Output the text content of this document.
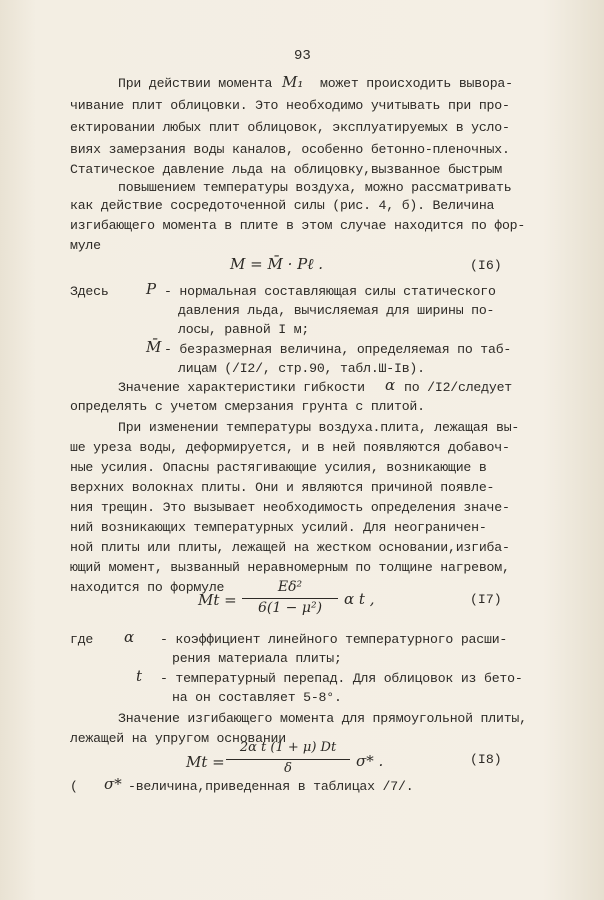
93
При действии момента M₁ может происходить выворa-
чивание плит облицовки. Это необходимо учитывать при про-
ектировании любых плит облицовок, эксплуатируемых в усло-
виях замерзания воды каналов, особенно бетонно-пленочных.
Статическое давление льда на облицовку,вызванное быстрым
повышением температуры воздуха, можно рассматривать
как действие сосредоточенной силы (рис. 4, б). Величина
изгибающего момента в плите в этом случае находится по фор-
муле
M = M̄ · Pℓ .	(I6)
Здесь P - нормальная составляющая силы статического
давления льда, вычисляемая для ширины по-
лосы, равной I м;
M̄ - безразмерная величина, определяемая по таб-
лицам (/I2/, стр.90, табл.Ш-Iв).
Значение характеристики гибкости α по /I2/следует
определять с учетом смерзания грунта с плитой.
При изменении температуры воздуха.плита, лежащая вы-
ше уреза воды, деформируется, и в ней появляются добавоч-
ные усилия. Опасны растягивающие усилия, возникающие в
верхних волокнах плиты. Они и являются причиной появле-
ния трещин. Это вызывает необходимость определения значе-
ний возникающих температурных усилий. Для неограничен-
ной плиты или плиты, лежащей на жестком основании,изгиба-
ющий момент, вызванный неравномерным по толщине нагревом,
находится по формуле
Mt =
Eδ²
6(1 − μ²)	α t ,	(I7)
где α - коэффициент линейного температурного расши-
рения материала плиты;
t - температурный перепад. Для облицовок из бето-
на он составляет 5-8°.
Значение изгибающего момента для прямоугольной плиты,
лежащей на упругом основании
Mt =
2α t (1 + μ) Dt
δ	σ* .	(I8)
( σ* -величина,приведенная в таблицах /7/.
